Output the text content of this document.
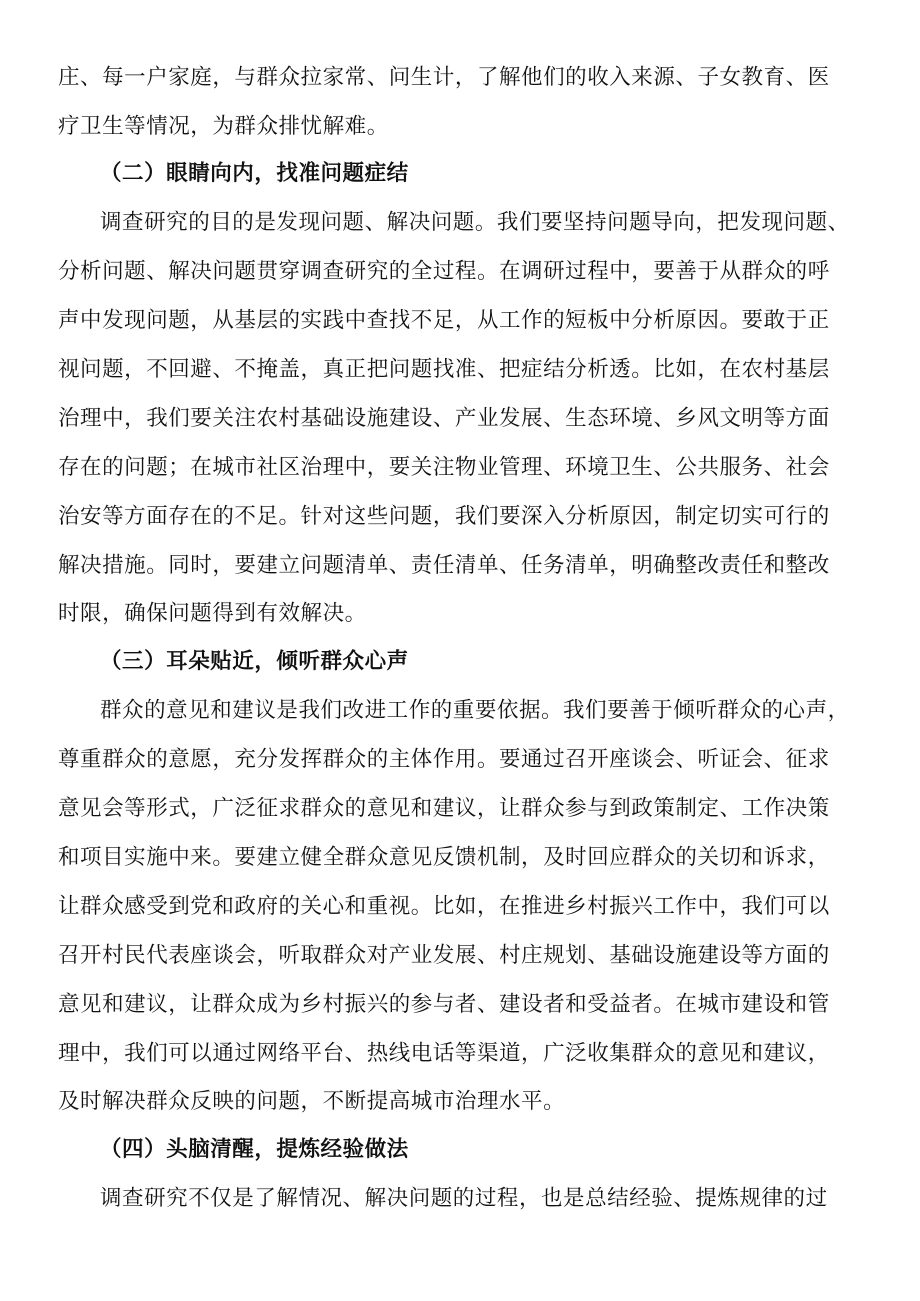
庄、每一户家庭，与群众拉家常、问生计，了解他们的收入来源、子女教育、医
疗卫生等情况，为群众排忧解难。
（二）眼睛向内，找准问题症结
调查研究的目的是发现问题、解决问题。我们要坚持问题导向，把发现问题、
分析问题、解决问题贯穿调查研究的全过程。在调研过程中，要善于从群众的呼
声中发现问题，从基层的实践中查找不足，从工作的短板中分析原因。要敢于正
视问题，不回避、不掩盖，真正把问题找准、把症结分析透。比如，在农村基层
治理中，我们要关注农村基础设施建设、产业发展、生态环境、乡风文明等方面
存在的问题；在城市社区治理中，要关注物业管理、环境卫生、公共服务、社会
治安等方面存在的不足。针对这些问题，我们要深入分析原因，制定切实可行的
解决措施。同时，要建立问题清单、责任清单、任务清单，明确整改责任和整改
时限，确保问题得到有效解决。
（三）耳朵贴近，倾听群众心声
群众的意见和建议是我们改进工作的重要依据。我们要善于倾听群众的心声，
尊重群众的意愿，充分发挥群众的主体作用。要通过召开座谈会、听证会、征求
意见会等形式，广泛征求群众的意见和建议，让群众参与到政策制定、工作决策
和项目实施中来。要建立健全群众意见反馈机制，及时回应群众的关切和诉求，
让群众感受到党和政府的关心和重视。比如，在推进乡村振兴工作中，我们可以
召开村民代表座谈会，听取群众对产业发展、村庄规划、基础设施建设等方面的
意见和建议，让群众成为乡村振兴的参与者、建设者和受益者。在城市建设和管
理中，我们可以通过网络平台、热线电话等渠道，广泛收集群众的意见和建议，
及时解决群众反映的问题，不断提高城市治理水平。
（四）头脑清醒，提炼经验做法
调查研究不仅是了解情况、解决问题的过程，也是总结经验、提炼规律的过
